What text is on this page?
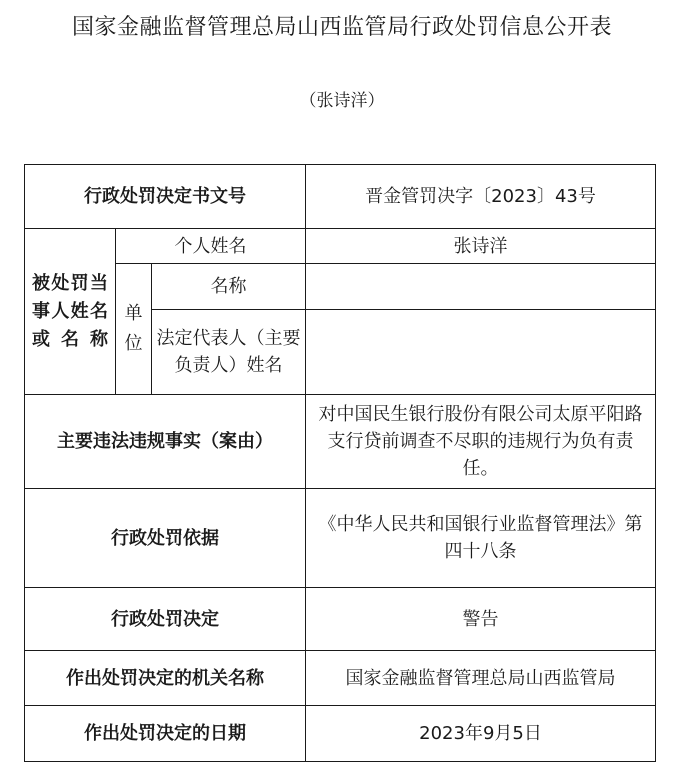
国家金融监督管理总局山西监管局行政处罚信息公开表
（张诗洋）
行政处罚决定书文号			晋金管罚决字〔2023〕43号
被处罚当事人姓名或名称	个人姓名		张诗洋
	单位	名称	
		法定代表人（主要负责人）姓名	
主要违法违规事实（案由）			对中国民生银行股份有限公司太原平阳路支行贷前调查不尽职的违规行为负有责任。
行政处罚依据			《中华人民共和国银行业监督管理法》第四十八条
行政处罚决定			警告
作出处罚决定的机关名称			国家金融监督管理总局山西监管局
作出处罚决定的日期			2023年9月5日
